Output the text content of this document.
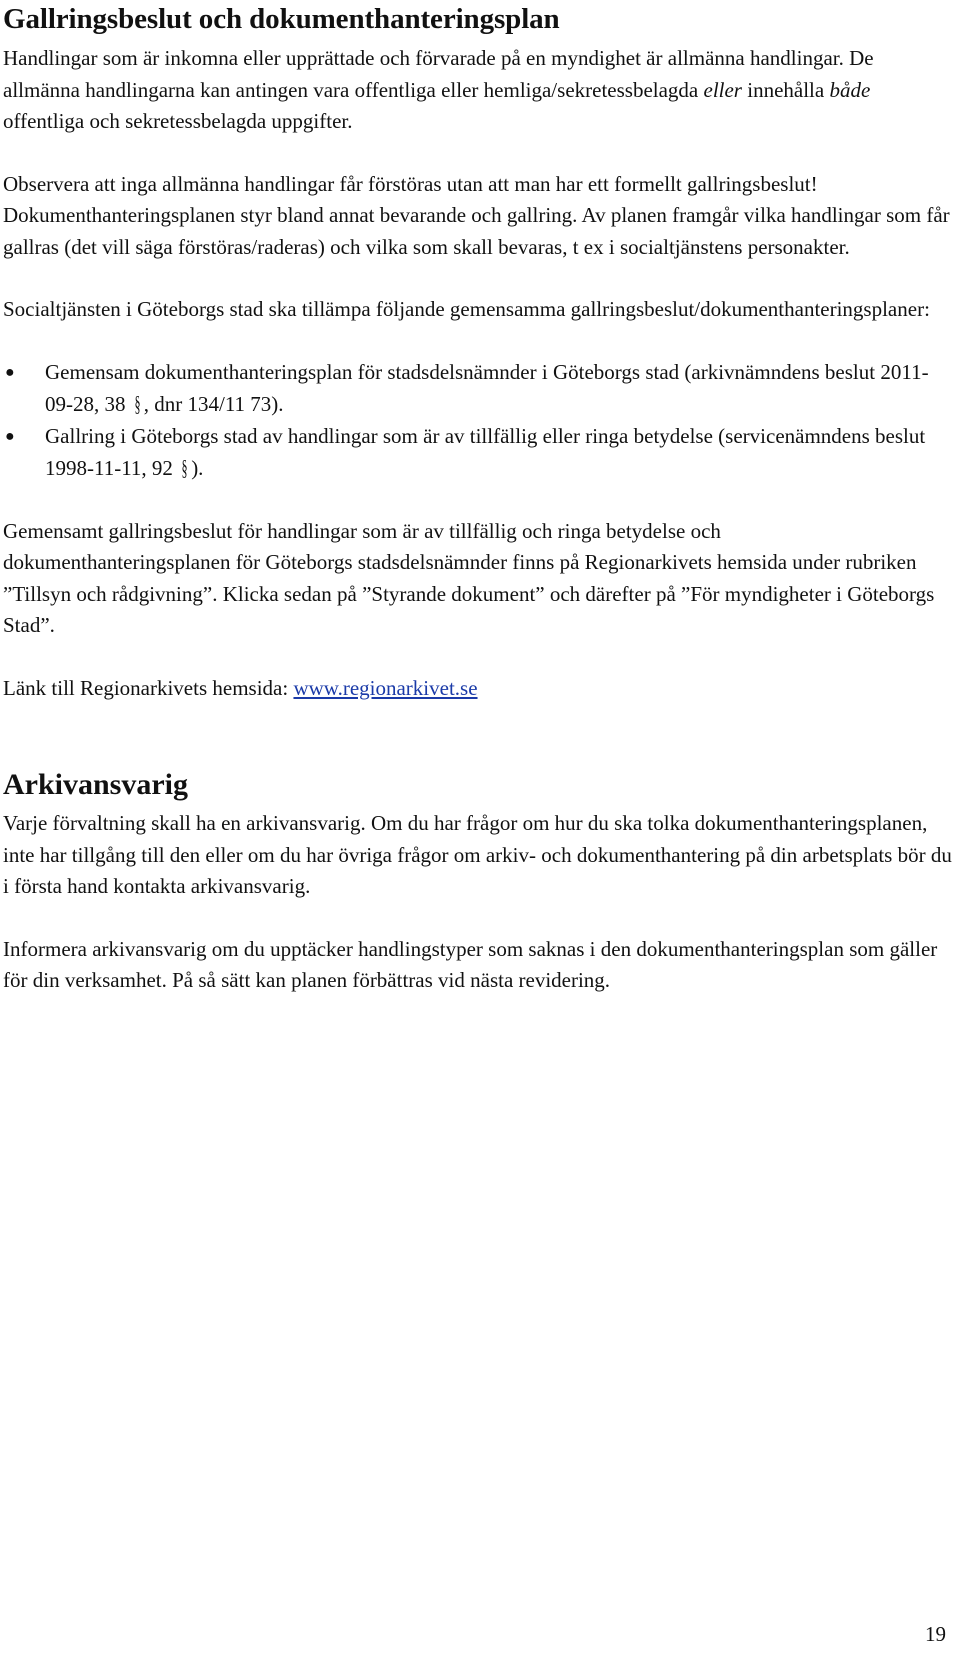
Gallringsbeslut och dokumenthanteringsplan

Handlingar som är inkomna eller upprättade och förvarade på en myndighet är allmänna handlingar. De allmänna handlingarna kan antingen vara offentliga eller hemliga/sekretessbelagda eller innehålla både offentliga och sekretessbelagda uppgifter.

Observera att inga allmänna handlingar får förstöras utan att man har ett formellt gallringsbeslut! Dokumenthanteringsplanen styr bland annat bevarande och gallring. Av planen framgår vilka handlingar som får gallras (det vill säga förstöras/raderas) och vilka som skall bevaras, t ex i socialtjänstens personakter.

Socialtjänsten i Göteborgs stad ska tillämpa följande gemensamma gallringsbeslut/dokumenthanteringsplaner:

● Gemensam dokumenthanteringsplan för stadsdelsnämnder i Göteborgs stad (arkivnämndens beslut 2011-09-28, 38 § , dnr 134/11 73).
● Gallring i Göteborgs stad av handlingar som är av tillfällig eller ringa betydelse (servicenämndens beslut 1998-11-11, 92 § ).

Gemensamt gallringsbeslut för handlingar som är av tillfällig och ringa betydelse och dokumenthanteringsplanen för Göteborgs stadsdelsnämnder finns på Regionarkivets hemsida under rubriken ”Tillsyn och rådgivning”. Klicka sedan på ”Styrande dokument” och därefter på ”För myndigheter i Göteborgs Stad”.

Länk till Regionarkivets hemsida: www.regionarkivet.se

Arkivansvarig

Varje förvaltning skall ha en arkivansvarig. Om du har frågor om hur du ska tolka dokumenthanteringsplanen, inte har tillgång till den eller om du har övriga frågor om arkiv- och dokumenthantering på din arbetsplats bör du i första hand kontakta arkivansvarig.

Informera arkivansvarig om du upptäcker handlingstyper som saknas i den dokumenthanteringsplan som gäller för din verksamhet. På så sätt kan planen förbättras vid nästa revidering.

19
